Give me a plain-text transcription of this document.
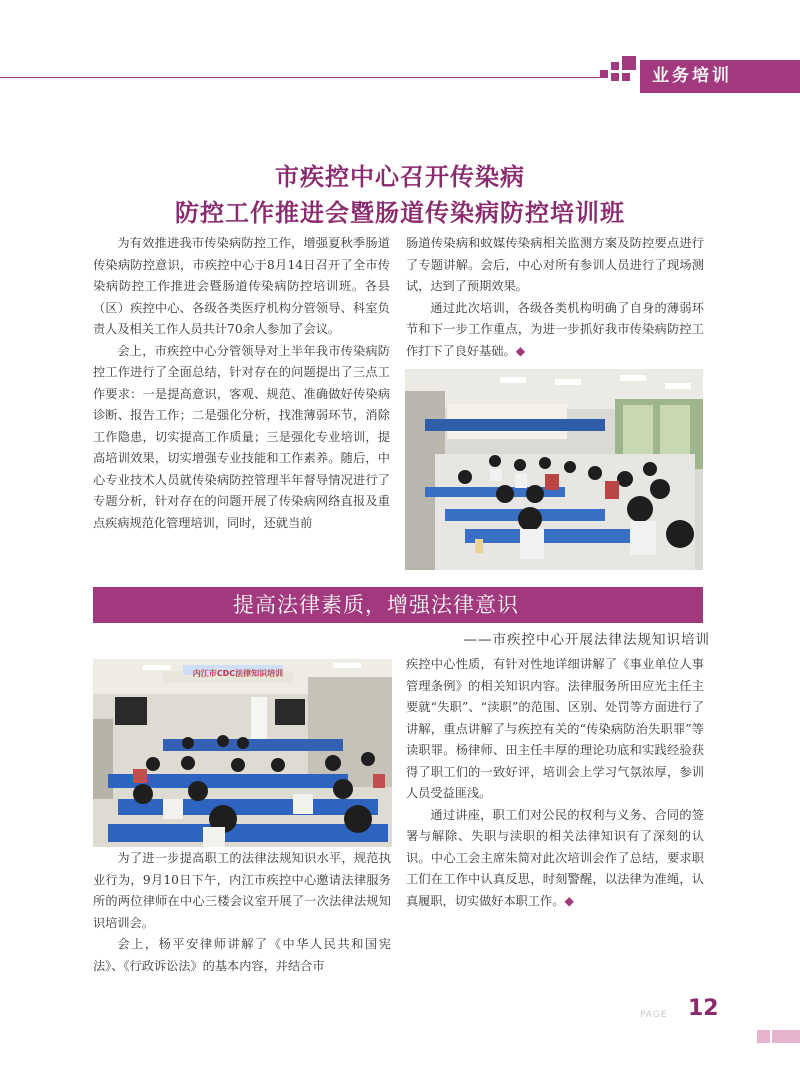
业务培训
市疾控中心召开传染病
防控工作推进会暨肠道传染病防控培训班

为有效推进我市传染病防控工作，增强夏秋季肠道传染病防控意识，市疾控中心于8月14日召开了全市传染病防控工作推进会暨肠道传染病防控培训班。各县（区）疾控中心、各级各类医疗机构分管领导、科室负责人及相关工作人员共计70余人参加了会议。

会上，市疾控中心分管领导对上半年我市传染病防控工作进行了全面总结，针对存在的问题提出了三点工作要求：一是提高意识，客观、规范、准确做好传染病诊断、报告工作；二是强化分析，找准薄弱环节，消除工作隐患，切实提高工作质量；三是强化专业培训，提高培训效果，切实增强专业技能和工作素养。随后，中心专业技术人员就传染病防控管理半年督导情况进行了专题分析，针对存在的问题开展了传染病网络直报及重点疾病规范化管理培训，同时，还就当前

肠道传染病和蚊媒传染病相关监测方案及防控要点进行了专题讲解。会后，中心对所有参训人员进行了现场测试，达到了预期效果。

通过此次培训，各级各类机构明确了自身的薄弱环节和下一步工作重点，为进一步抓好我市传染病防控工作打下了良好基础。◆

提高法律素质，增强法律意识
——市疾控中心开展法律法规知识培训
内江市CDC法律知识培训

为了进一步提高职工的法律法规知识水平，规范执业行为，9月10日下午，内江市疾控中心邀请法律服务所的两位律师在中心三楼会议室开展了一次法律法规知识培训会。

会上，杨平安律师讲解了《中华人民共和国宪法》、《行政诉讼法》的基本内容，并结合市

疾控中心性质，有针对性地详细讲解了《事业单位人事管理条例》的相关知识内容。法律服务所田应光主任主要就“失职”、“渎职”的范围、区别、处罚等方面进行了讲解，重点讲解了与疾控有关的“传染病防治失职罪”等读职罪。杨律师、田主任丰厚的理论功底和实践经验获得了职工们的一致好评，培训会上学习气氛浓厚，参训人员受益匪浅。

通过讲座，职工们对公民的权利与义务、合同的签署与解除、失职与渎职的相关法律知识有了深刻的认识。中心工会主席朱简对此次培训会作了总结，要求职工们在工作中认真反思，时刻警醒，以法律为准绳，认真履职，切实做好本职工作。◆

PAGE 12
